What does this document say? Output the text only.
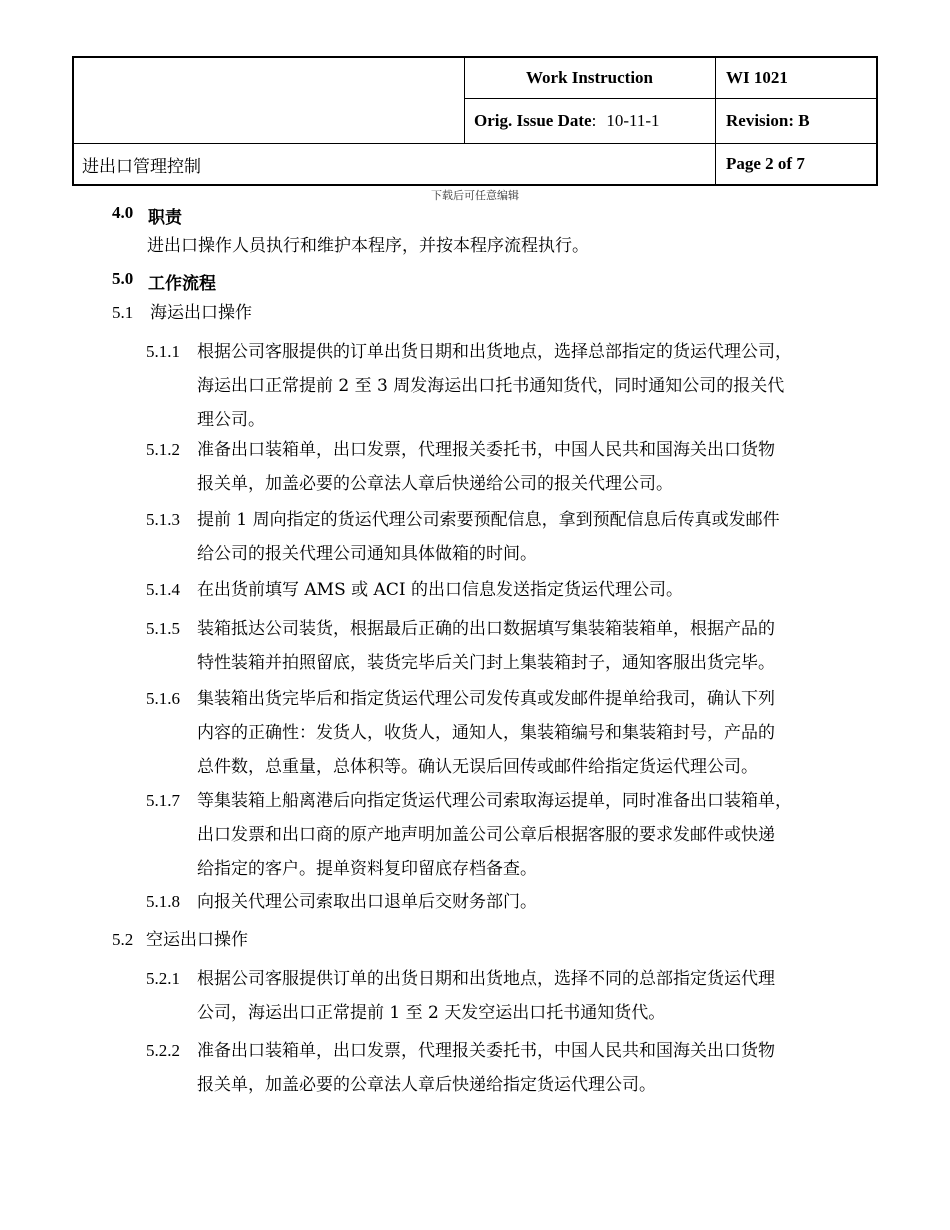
Work Instruction	WI 1021
Orig. Issue Date : 10-11-1	Revision: B
进出口管理控制	Page 2 of 7
下载后可任意编辑
4.0 职责
进出口操作人员执行和维护本程序，并按本程序流程执行。
5.0 工作流程
5.1 海运出口操作
5.1.1 根据公司客服提供的订单出货日期和出货地点，选择总部指定的货运代理公司，
海运出口正常提前 2 至 3 周发海运出口托书通知货代，同时通知公司的报关代
理公司。
5.1.2 准备出口装箱单，出口发票，代理报关委托书，中国人民共和国海关出口货物
报关单，加盖必要的公章法人章后快递给公司的报关代理公司。
5.1.3 提前 1 周向指定的货运代理公司索要预配信息，拿到预配信息后传真或发邮件
给公司的报关代理公司通知具体做箱的时间。
5.1.4 在出货前填写 AMS 或 ACI 的出口信息发送指定货运代理公司。
5.1.5 装箱抵达公司装货，根据最后正确的出口数据填写集装箱装箱单，根据产品的
特性装箱并拍照留底，装货完毕后关门封上集装箱封子，通知客服出货完毕。
5.1.6 集装箱出货完毕后和指定货运代理公司发传真或发邮件提单给我司，确认下列
内容的正确性：发货人，收货人，通知人，集装箱编号和集装箱封号，产品的
总件数，总重量，总体积等。确认无误后回传或邮件给指定货运代理公司。
5.1.7 等集装箱上船离港后向指定货运代理公司索取海运提单，同时准备出口装箱单，
出口发票和出口商的原产地声明加盖公司公章后根据客服的要求发邮件或快递
给指定的客户。提单资料复印留底存档备查。
5.1.8 向报关代理公司索取出口退单后交财务部门。
5.2 空运出口操作
5.2.1 根据公司客服提供订单的出货日期和出货地点，选择不同的总部指定货运代理
公司，海运出口正常提前 1 至 2 天发空运出口托书通知货代。
5.2.2 准备出口装箱单，出口发票，代理报关委托书，中国人民共和国海关出口货物
报关单，加盖必要的公章法人章后快递给指定货运代理公司。
